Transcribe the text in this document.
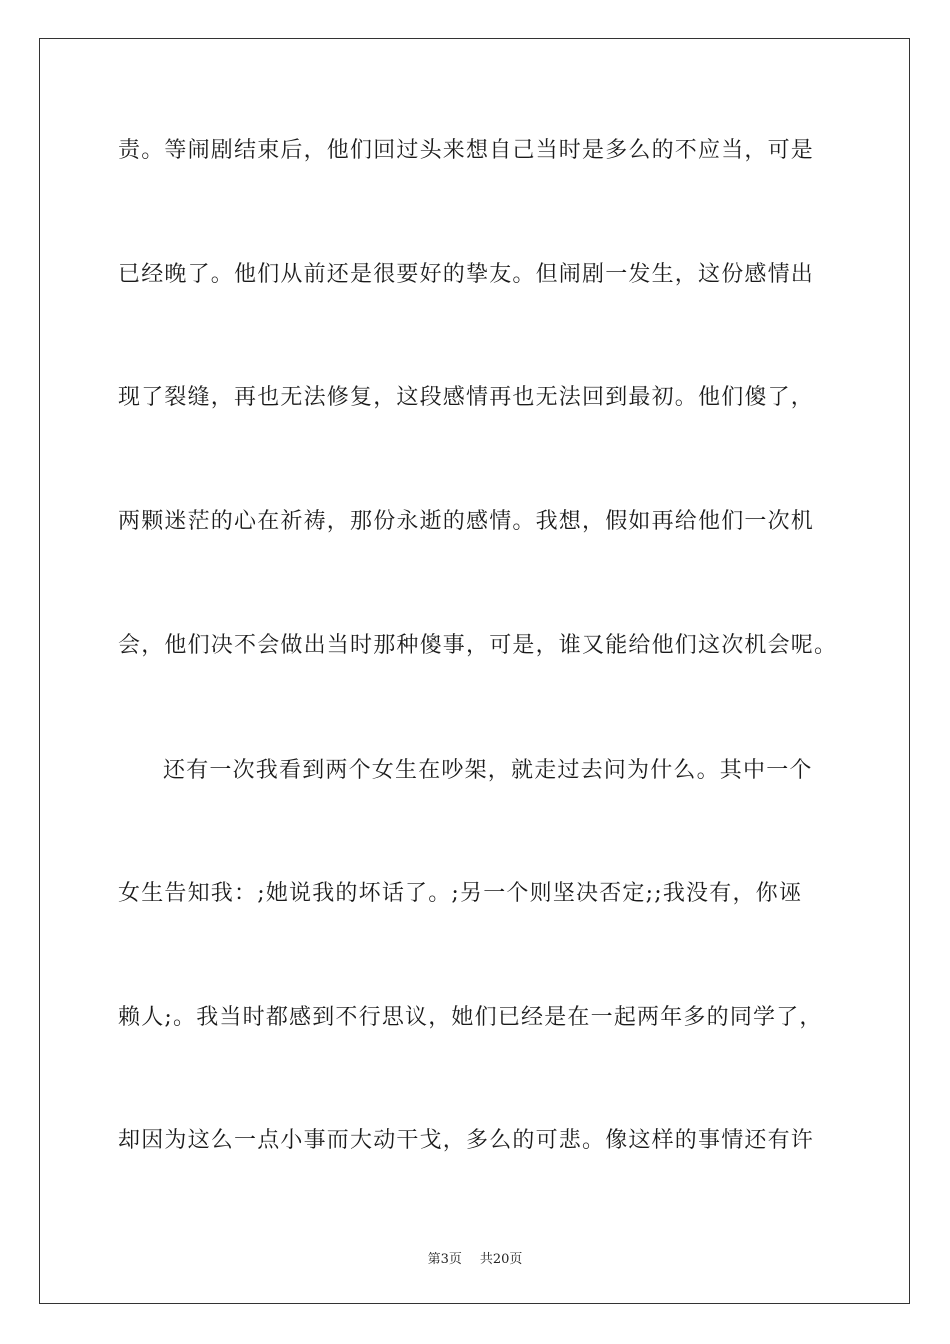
责。等闹剧结束后，他们回过头来想自己当时是多么的不应当，可是
已经晚了。他们从前还是很要好的挚友。但闹剧一发生，这份感情出
现了裂缝，再也无法修复，这段感情再也无法回到最初。他们傻了，
两颗迷茫的心在祈祷，那份永逝的感情。我想，假如再给他们一次机
会，他们决不会做出当时那种傻事，可是，谁又能给他们这次机会呢。
还有一次我看到两个女生在吵架，就走过去问为什么。其中一个
女生告知我：;她说我的坏话了。;另一个则坚决否定;;我没有，你诬
赖人;。我当时都感到不行思议，她们已经是在一起两年多的同学了，
却因为这么一点小事而大动干戈，多么的可悲。像这样的事情还有许
第3页 共20页
